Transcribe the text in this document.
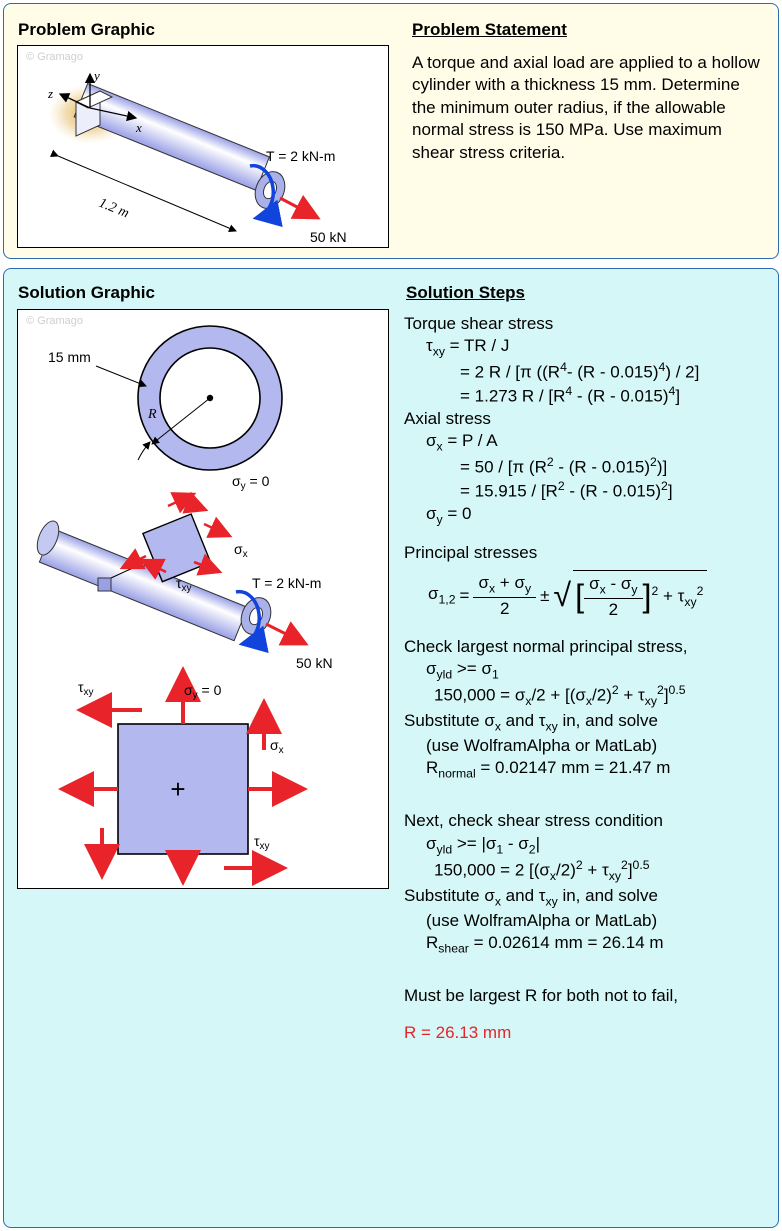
Problem Graphic	Problem Statement
© Gramago
y
x
z
1.2 m
T = 2 kN-m
50 kN
A torque and axial load are applied to a hollow cylinder with a thickness 15 mm. Determine the minimum outer radius, if the allowable normal stress is 150 MPa. Use maximum shear stress criteria.
Solution Graphic	Solution Steps
© Gramago
15 mm
R
$\sigma_y = 0$
$\sigma_x$
$\tau_{xy}$	T = 2 kN-m
50 kN
+
$\sigma_y = 0$
$\tau_{xy}$
$\sigma_x$
$\tau_{xy}$
Torque shear stress
$\tau_{xy}$ = TR / J
= 2 R / [π (($R^4-$ (R - 0.015)$^4$) / 2]
= 1.273 R / $[R^4 - (R - 0.015)^4]$
Axial stress
$\sigma_x = P / A$
= 50 / [π $(R^2 - (R - 0.015)^2)$]
= $15.915 / [R^2 - (R - 0.015)^2]$
$\sigma_y = 0$
Principal stresses
$\sigma_{1,2} = \frac{\sigma_x + \sigma_y}{2}$ ± √ [ $\frac{\sigma_x - \sigma_y}{2} ]^2 + \tau_{xy}^2$
Check largest normal principal stress,
$\sigma_{yld} >= \sigma_1$
$150,000 = \sigma_x/2 + [(\sigma_x/2)^2 + \tau_{xy}^2]^{0.5}$
Substitute $\sigma_x$ and $\tau_{xy}$ in, and solve
(use WolframAlpha or MatLab)
$R_{normal} = 0.02147$ mm = 21.47 m
Next, check shear stress condition
$\sigma_{yld} >= |\sigma_1 - \sigma_2|$
150,000 = 2 $[(\sigma_x/2)^2 + \tau_{xy}^2]^{0.5}$
Substitute $\sigma_x$ and $\tau_{xy}$ in, and solve
(use WolframAlpha or MatLab)
$R_{shear} = 0.02614$ mm = 26.14 m
Must be largest R for both not to fail,
R = 26.13 mm
